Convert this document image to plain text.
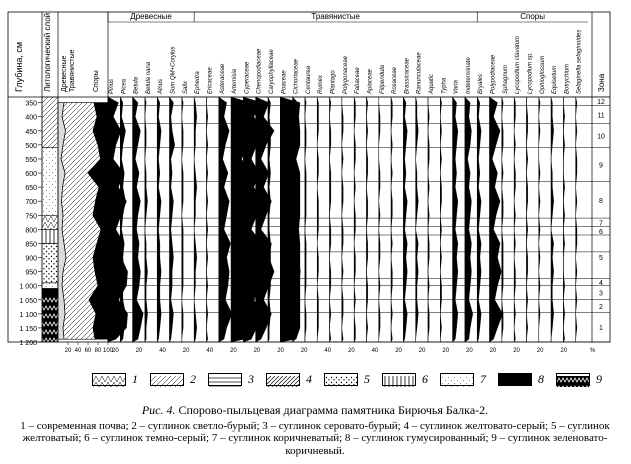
Глубина, см
350
400
450
500
550
600
650
700
750
800
850
900
950
1 000
1 050
1 100
1 150
1 200
Литологический слой Древесные Травянистые Споры
20 40 60 80 100
Древесные	Травянистые	Споры
Pinus Picea Betula Betula nana Alnus Sum QM+Corylus Salix Ephedra Ericaceae Asteraceae Artemisia Cyperaceae Chenopodiaceae Caryophyllaceae Poaceae Cichoriaceae Centaurea Rumex Plantago Polygonaceae Fabaceae Apiaceae Filipendula Rosaceae Brassicaceae Ranunculaceae Aquatic Typha Varia Indeterminate Bryales Polypodiaceae Sphagnum Lycopodium clavatum Lycopodium sp. Ophioglossum Equisetum Botrychium Selaginella selaginoides
20	20	40	20	40	20	20	20	20	40	20	40	20	20	20	20	20	20	20	20	%
Зона
12
11
10
9
8
7
6
5
4
3
2
1
1	2	3	4	5	6	7	8	9
Рис. 4. Спорово-пыльцевая диаграмма памятника Бирючья Балка-2.
1 – современная почва; 2 – суглинок светло-бурый; 3 – суглинок серовато-бурый; 4 – суглинок желтовато-серый; 5 – суглинок желтоватый; 6 – суглинок темно-серый; 7 – суглинок коричневатый; 8 – суглинок гумусированный; 9 – суглинок зеленовато-коричневый.
